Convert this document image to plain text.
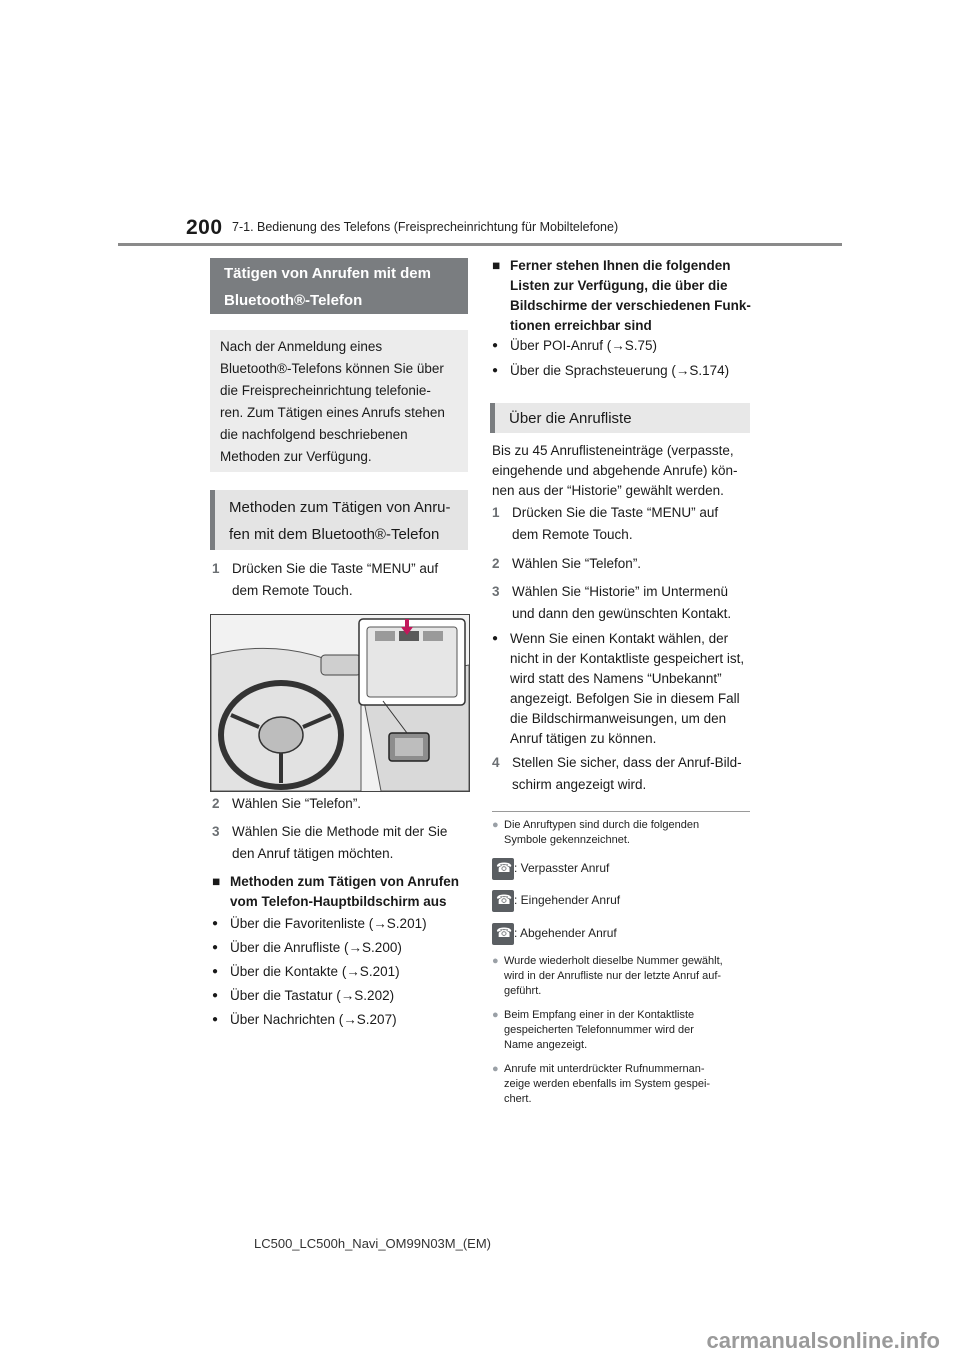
200 7-1. Bedienung des Telefons (Freisprecheinrichtung für Mobiltelefone)
Tätigen von Anrufen mit dem
Bluetooth®-Telefon
Nach der Anmeldung eines
Bluetooth®-Telefons können Sie über
die Freisprecheinrichtung telefonie-
ren. Zum Tätigen eines Anrufs stehen
die nachfolgend beschriebenen
Methoden zur Verfügung.
Methoden zum Tätigen von Anru-
fen mit dem Bluetooth®-Telefon
1 Drücken Sie die Taste “MENU” auf
dem Remote Touch.
2 Wählen Sie “Telefon”.
3 Wählen Sie die Methode mit der Sie
den Anruf tätigen möchten.
■ Methoden zum Tätigen von Anrufen
vom Telefon-Hauptbildschirm aus
● Über die Favoritenliste (→S.201)
● Über die Anrufliste (→S.200)
● Über die Kontakte (→S.201)
● Über die Tastatur (→S.202)
● Über Nachrichten (→S.207)
■ Ferner stehen Ihnen die folgenden
Listen zur Verfügung, die über die
Bildschirme der verschiedenen Funk-
tionen erreichbar sind
● Über POI-Anruf (→S.75)
● Über die Sprachsteuerung (→S.174)
Über die Anrufliste
Bis zu 45 Anruflisteneinträge (verpasste,
eingehende und abgehende Anrufe) kön-
nen aus der “Historie” gewählt werden.
1 Drücken Sie die Taste “MENU” auf
dem Remote Touch.
2 Wählen Sie “Telefon”.
3 Wählen Sie “Historie” im Untermenü
und dann den gewünschten Kontakt.
● Wenn Sie einen Kontakt wählen, der
nicht in der Kontaktliste gespeichert ist,
wird statt des Namens “Unbekannt”
angezeigt. Befolgen Sie in diesem Fall
die Bildschirmanweisungen, um den
Anruf tätigen zu können.
4 Stellen Sie sicher, dass der Anruf-Bild-
schirm angezeigt wird.
● Die Anruftypen sind durch die folgenden
Symbole gekennzeichnet.
☎: Verpasster Anruf
☎: Eingehender Anruf
☎: Abgehender Anruf
● Wurde wiederholt dieselbe Nummer gewählt,
wird in der Anrufliste nur der letzte Anruf auf-
geführt.
● Beim Empfang einer in der Kontaktliste
gespeicherten Telefonnummer wird der
Name angezeigt.
● Anrufe mit unterdrückter Rufnummernan-
zeige werden ebenfalls im System gespei-
chert.
LC500_LC500h_Navi_OM99N03M_(EM)
carmanualsonline.info
